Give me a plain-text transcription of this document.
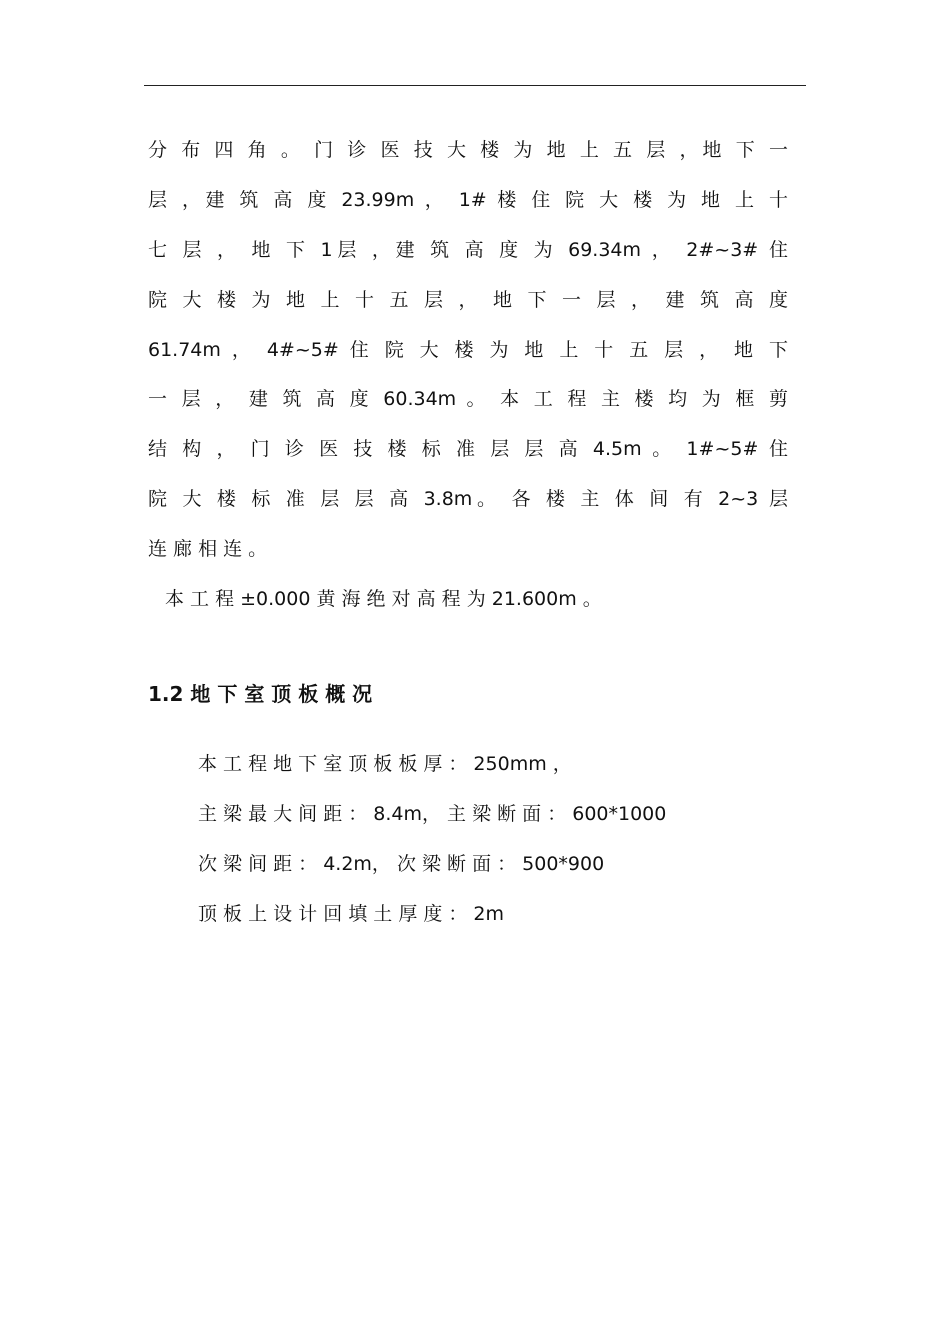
分 布 四 角 。 门 诊 医 技 大 楼 为 地 上 五 层 ，地 下 一
层 ，建 筑 高 度 23.99m ， 1# 楼 住 院 大 楼 为 地 上 十
七 层 ， 地 下 1层 ，建 筑 高 度 为 69.34m ， 2#~3# 住
院 大 楼 为 地 上 十 五 层 ， 地 下 一 层 ， 建 筑 高 度
61.74m ， 4#~5# 住 院 大 楼 为 地 上 十 五 层 ， 地 下
一 层 ， 建 筑 高 度 60.34m 。 本 工 程 主 楼 均 为 框 剪
结 构 ， 门 诊 医 技 楼 标 准 层 层 高 4.5m 。 1#~5# 住
院 大 楼 标 准 层 层 高 3.8m。 各 楼 主 体 间 有 2~3 层
连 廊 相 连 。
本 工 程 ±0.000 黄 海 绝 对 高 程 为 21.600m 。
1.2 地 下 室 顶 板 概 况
本 工 程 地 下 室 顶 板 板 厚 ： 250mm ，
主 梁 最 大 间 距 ： 8.4m， 主 梁 断 面 ： 600*1000
次 梁 间 距 ： 4.2m， 次 梁 断 面 ： 500*900
顶 板 上 设 计 回 填 土 厚 度 ： 2m
